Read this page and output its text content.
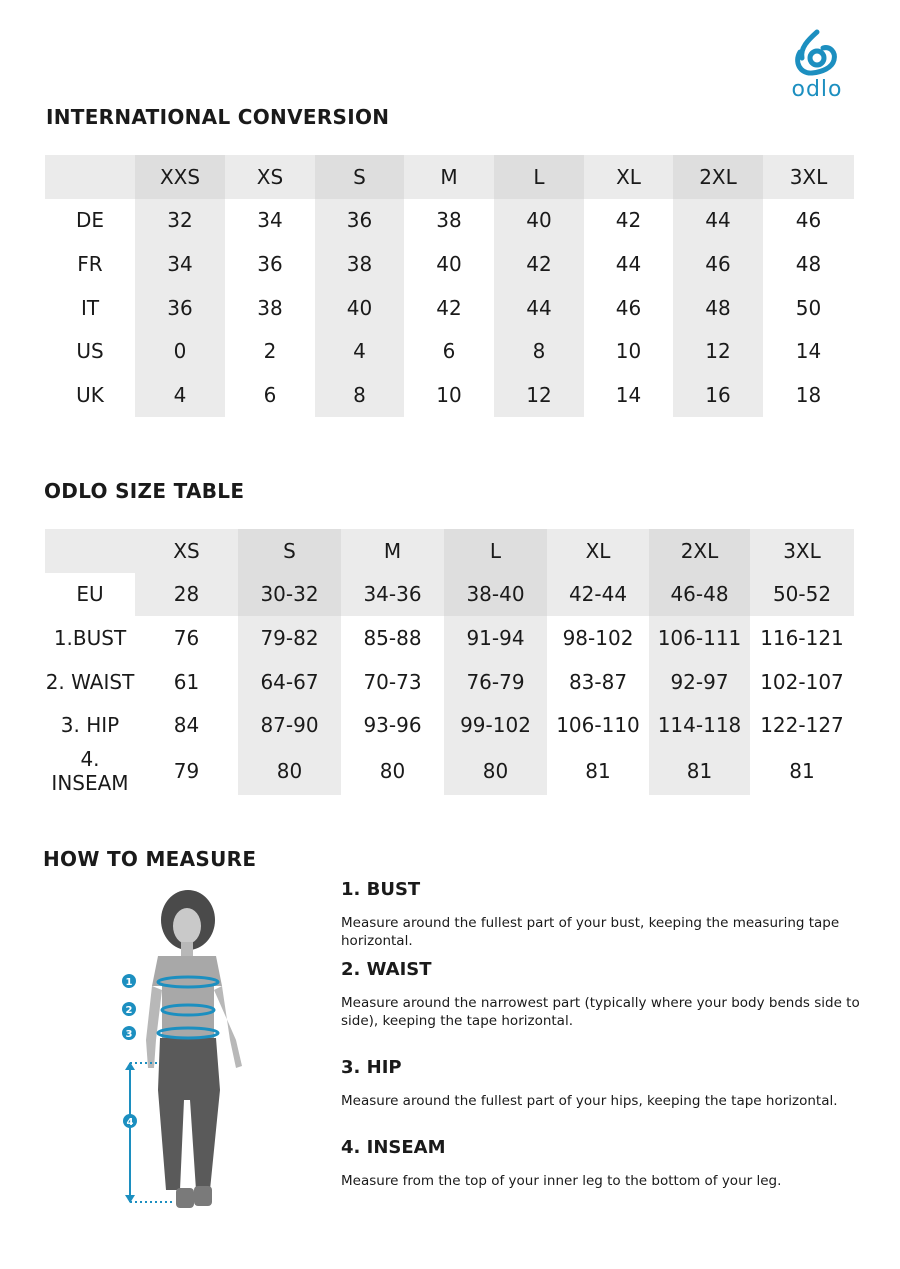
odlo
INTERNATIONAL CONVERSION
	XXS	XS	S	M	L	XL	2XL	3XL
DE	32	34	36	38	40	42	44	46
FR	34	36	38	40	42	44	46	48
IT	36	38	40	42	44	46	48	50
US	0	2	4	6	8	10	12	14
UK	4	6	8	10	12	14	16	18
ODLO SIZE TABLE
	XS	S	M	L	XL	2XL	3XL
EU	28	30-32	34-36	38-40	42-44	46-48	50-52
1.BUST	76	79-82	85-88	91-94	98-102	106-111	116-121
2. WAIST	61	64-67	70-73	76-79	83-87	92-97	102-107
3. HIP	84	87-90	93-96	99-102	106-110	114-118	122-127
4. INSEAM	79	80	80	80	81	81	81
HOW TO MEASURE
1
2
3
4
1. BUST
Measure around the fullest part of your bust, keeping the measuring tape horizontal.
2. WAIST
Measure around the narrowest part (typically where your body bends side to side), keeping the tape horizontal.
3. HIP
Measure around the fullest part of your hips, keeping the tape horizontal.
4. INSEAM
Measure from the top of your inner leg to the bottom of your leg.
